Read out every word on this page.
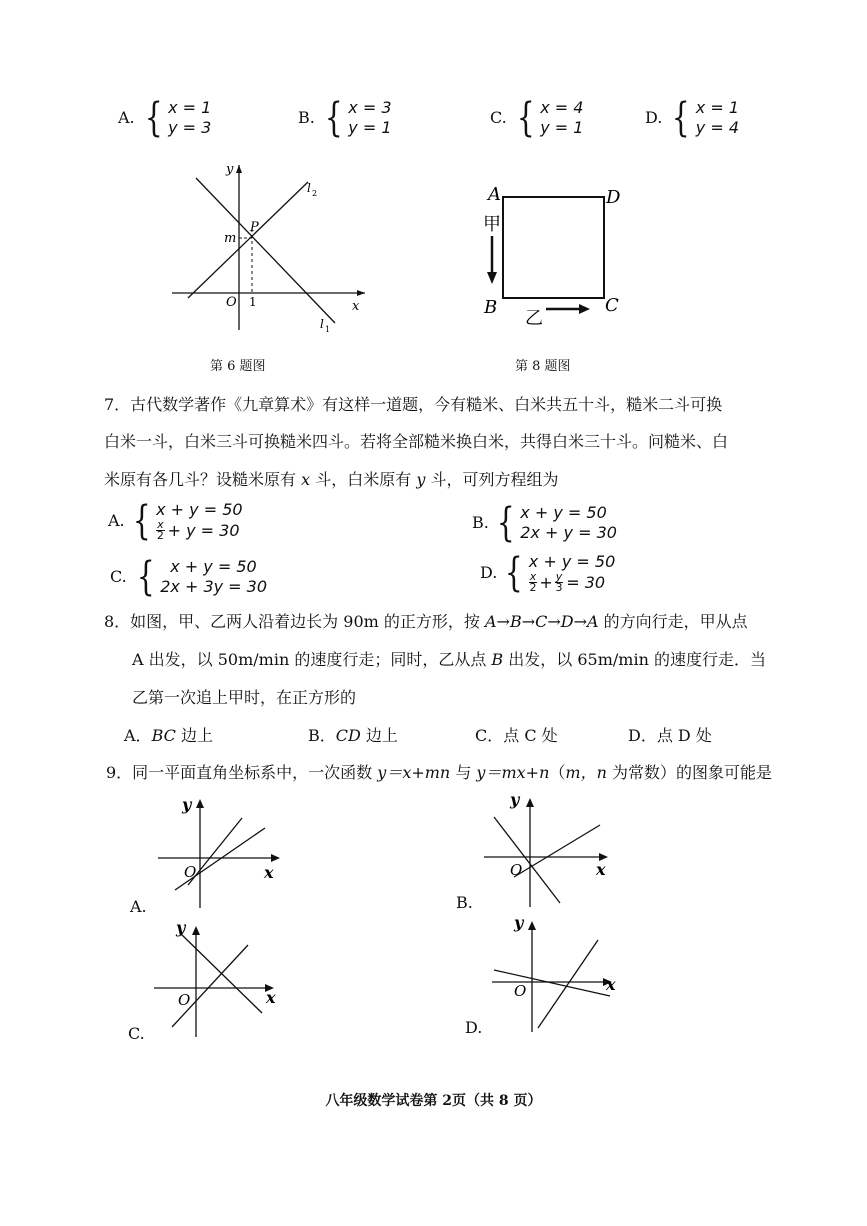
A. { x = 1
y = 3
B. { x = 3
y = 1
C. { x = 4
y = 1
D. { x = 1
y = 4
y
x
O
m
P
1
l 1
l 2
第 6 题图
A	D
B	C
甲
乙
第 8 题图
7．古代数学著作《九章算术》有这样一道题，今有糙米、白米共五十斗，糙米二斗可换
白米一斗，白米三斗可换糙米四斗。若将全部糙米换白米，共得白米三十斗。问糙米、白
米原有各几斗？设糙米原有 x 斗，白米原有 y 斗，可列方程组为
A. { x + y = 50
x
2 + y = 30	B. { x + y = 50
2x + y = 30
C. { x + y = 50
2x + 3y = 30
D. { x + y = 50
x
$2 + \frac{y}{3} = 30$
8．如图，甲、乙两人沿着边长为 90m 的正方形，按 A→B→C→D→A 的方向行走，甲从点
A 出发，以 50m/min 的速度行走；同时，乙从点 B 出发，以 65m/min 的速度行走．当
乙第一次追上甲时，在正方形的
A．BC 边上	B．CD 边上	C．点 C 处	D．点 D 处
9．同一平面直角坐标系中，一次函数 y＝x+mn 与 y＝mx+n（m，n 为常数）的图象可能是
y
x
O
A.
y
x
O
B.
y
x
O
C.
y
x
O
D.
八年级数学试卷第 2页（共 8 页）
